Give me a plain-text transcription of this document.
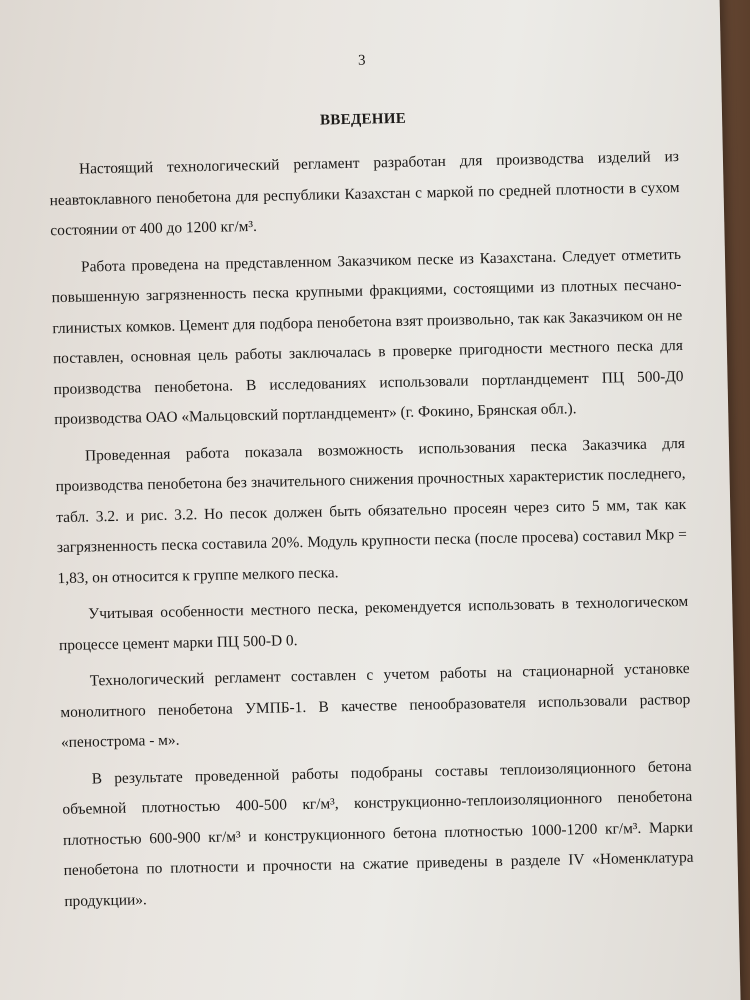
3
ВВЕДЕНИЕ

Настоящий технологический регламент разработан для производства изделий из неавтоклавного пенобетона для республики Казахстан с маркой по средней плотности в сухом состоянии от 400 до 1200 кг/м³.

Работа проведена на представленном Заказчиком песке из Казахстана. Следует отметить повышенную загрязненность песка крупными фракциями, состоящими из плотных песчано-глинистых комков. Цемент для подбора пенобетона взят произвольно, так как Заказчиком он не поставлен, основная цель работы заключалась в проверке пригодности местного песка для производства пенобетона. В исследованиях использовали портландцемент ПЦ 500-Д0 производства ОАО «Мальцовский портландцемент» (г. Фокино, Брянская обл.).

Проведенная работа показала возможность использования песка Заказчика для производства пенобетона без значительного снижения прочностных характеристик последнего, табл. 3.2. и рис. 3.2. Но песок должен быть обязательно просеян через сито 5 мм, так как загрязненность песка составила 20%. Модуль крупности песка (после просева) составил Мкр = 1,83, он относится к группе мелкого песка.

Учитывая особенности местного песка, рекомендуется использовать в технологическом процессе цемент марки ПЦ 500-D 0.

Технологический регламент составлен с учетом работы на стационарной установке монолитного пенобетона УМПБ-1. В качестве пенообразователя использовали раствор «пенострома - м».

В результате проведенной работы подобраны составы теплоизоляционного бетона объемной плотностью 400-500 кг/м³, конструкционно-теплоизоляционного пенобетона плотностью 600-900 кг/м³ и конструкционного бетона плотностью 1000-1200 кг/м³. Марки пенобетона по плотности и прочности на сжатие приведены в разделе IV «Номенклатура продукции».
